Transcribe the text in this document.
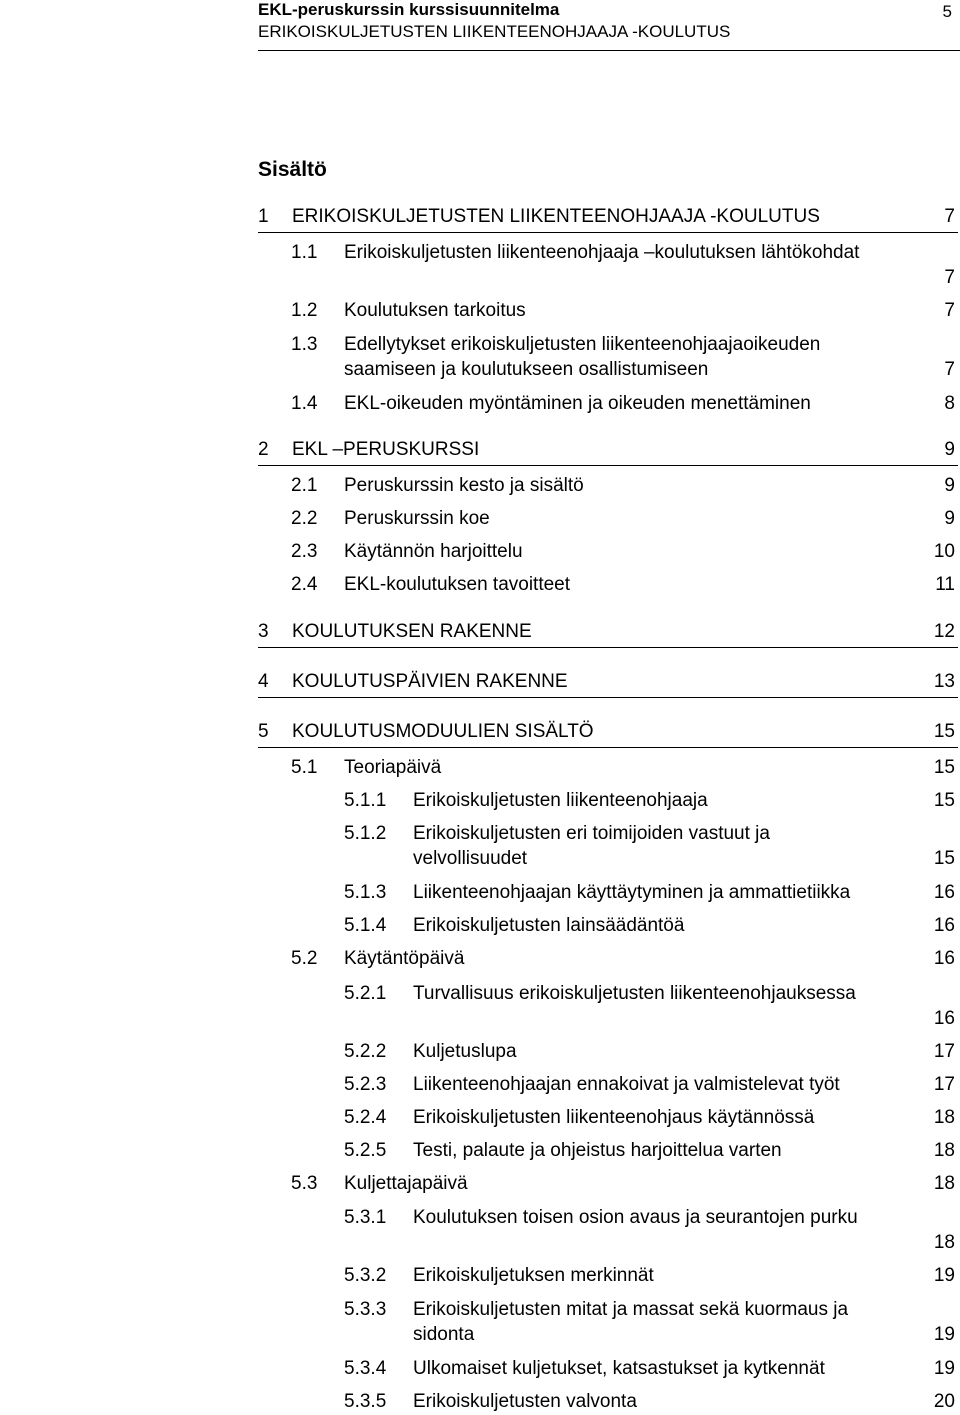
EKL-peruskurssin kurssisuunnitelma
ERIKOISKULJETUSTEN LIIKENTEENOHJAAJA -KOULUTUS
5
Sisältö
1 ERIKOISKULJETUSTEN LIIKENTEENOHJAAJA -KOULUTUS	7
1.1 Erikoiskuljetusten liikenteenohjaaja –koulutuksen lähtökohdat
7
1.2 Koulutuksen tarkoitus	7
1.3 Edellytykset erikoiskuljetusten liikenteenohjaajaoikeuden
saamiseen ja koulutukseen osallistumiseen	7
1.4 EKL-oikeuden myöntäminen ja oikeuden menettäminen	8
2 EKL –PERUSKURSSI	9
2.1 Peruskurssin kesto ja sisältö	9
2.2 Peruskurssin koe	9
2.3 Käytännön harjoittelu	10
2.4 EKL-koulutuksen tavoitteet	11
3 KOULUTUKSEN RAKENNE	12
4 KOULUTUSPÄIVIEN RAKENNE	13
5 KOULUTUSMODUULIEN SISÄLTÖ	15
5.1 Teoriapäivä	15
5.1.1 Erikoiskuljetusten liikenteenohjaaja	15
5.1.2 Erikoiskuljetusten eri toimijoiden vastuut ja
velvollisuudet	15
5.1.3 Liikenteenohjaajan käyttäytyminen ja ammattietiikka	16
5.1.4 Erikoiskuljetusten lainsäädäntöä	16
5.2 Käytäntöpäivä	16
5.2.1 Turvallisuus erikoiskuljetusten liikenteenohjauksessa
16
5.2.2 Kuljetuslupa	17
5.2.3 Liikenteenohjaajan ennakoivat ja valmistelevat työt	17
5.2.4 Erikoiskuljetusten liikenteenohjaus käytännössä	18
5.2.5 Testi, palaute ja ohjeistus harjoittelua varten	18
5.3 Kuljettajapäivä	18
5.3.1 Koulutuksen toisen osion avaus ja seurantojen purku
18
5.3.2 Erikoiskuljetuksen merkinnät	19
5.3.3 Erikoiskuljetusten mitat ja massat sekä kuormaus ja
sidonta	19
5.3.4 Ulkomaiset kuljetukset, katsastukset ja kytkennät	19
5.3.5 Erikoiskuljetusten valvonta	20
